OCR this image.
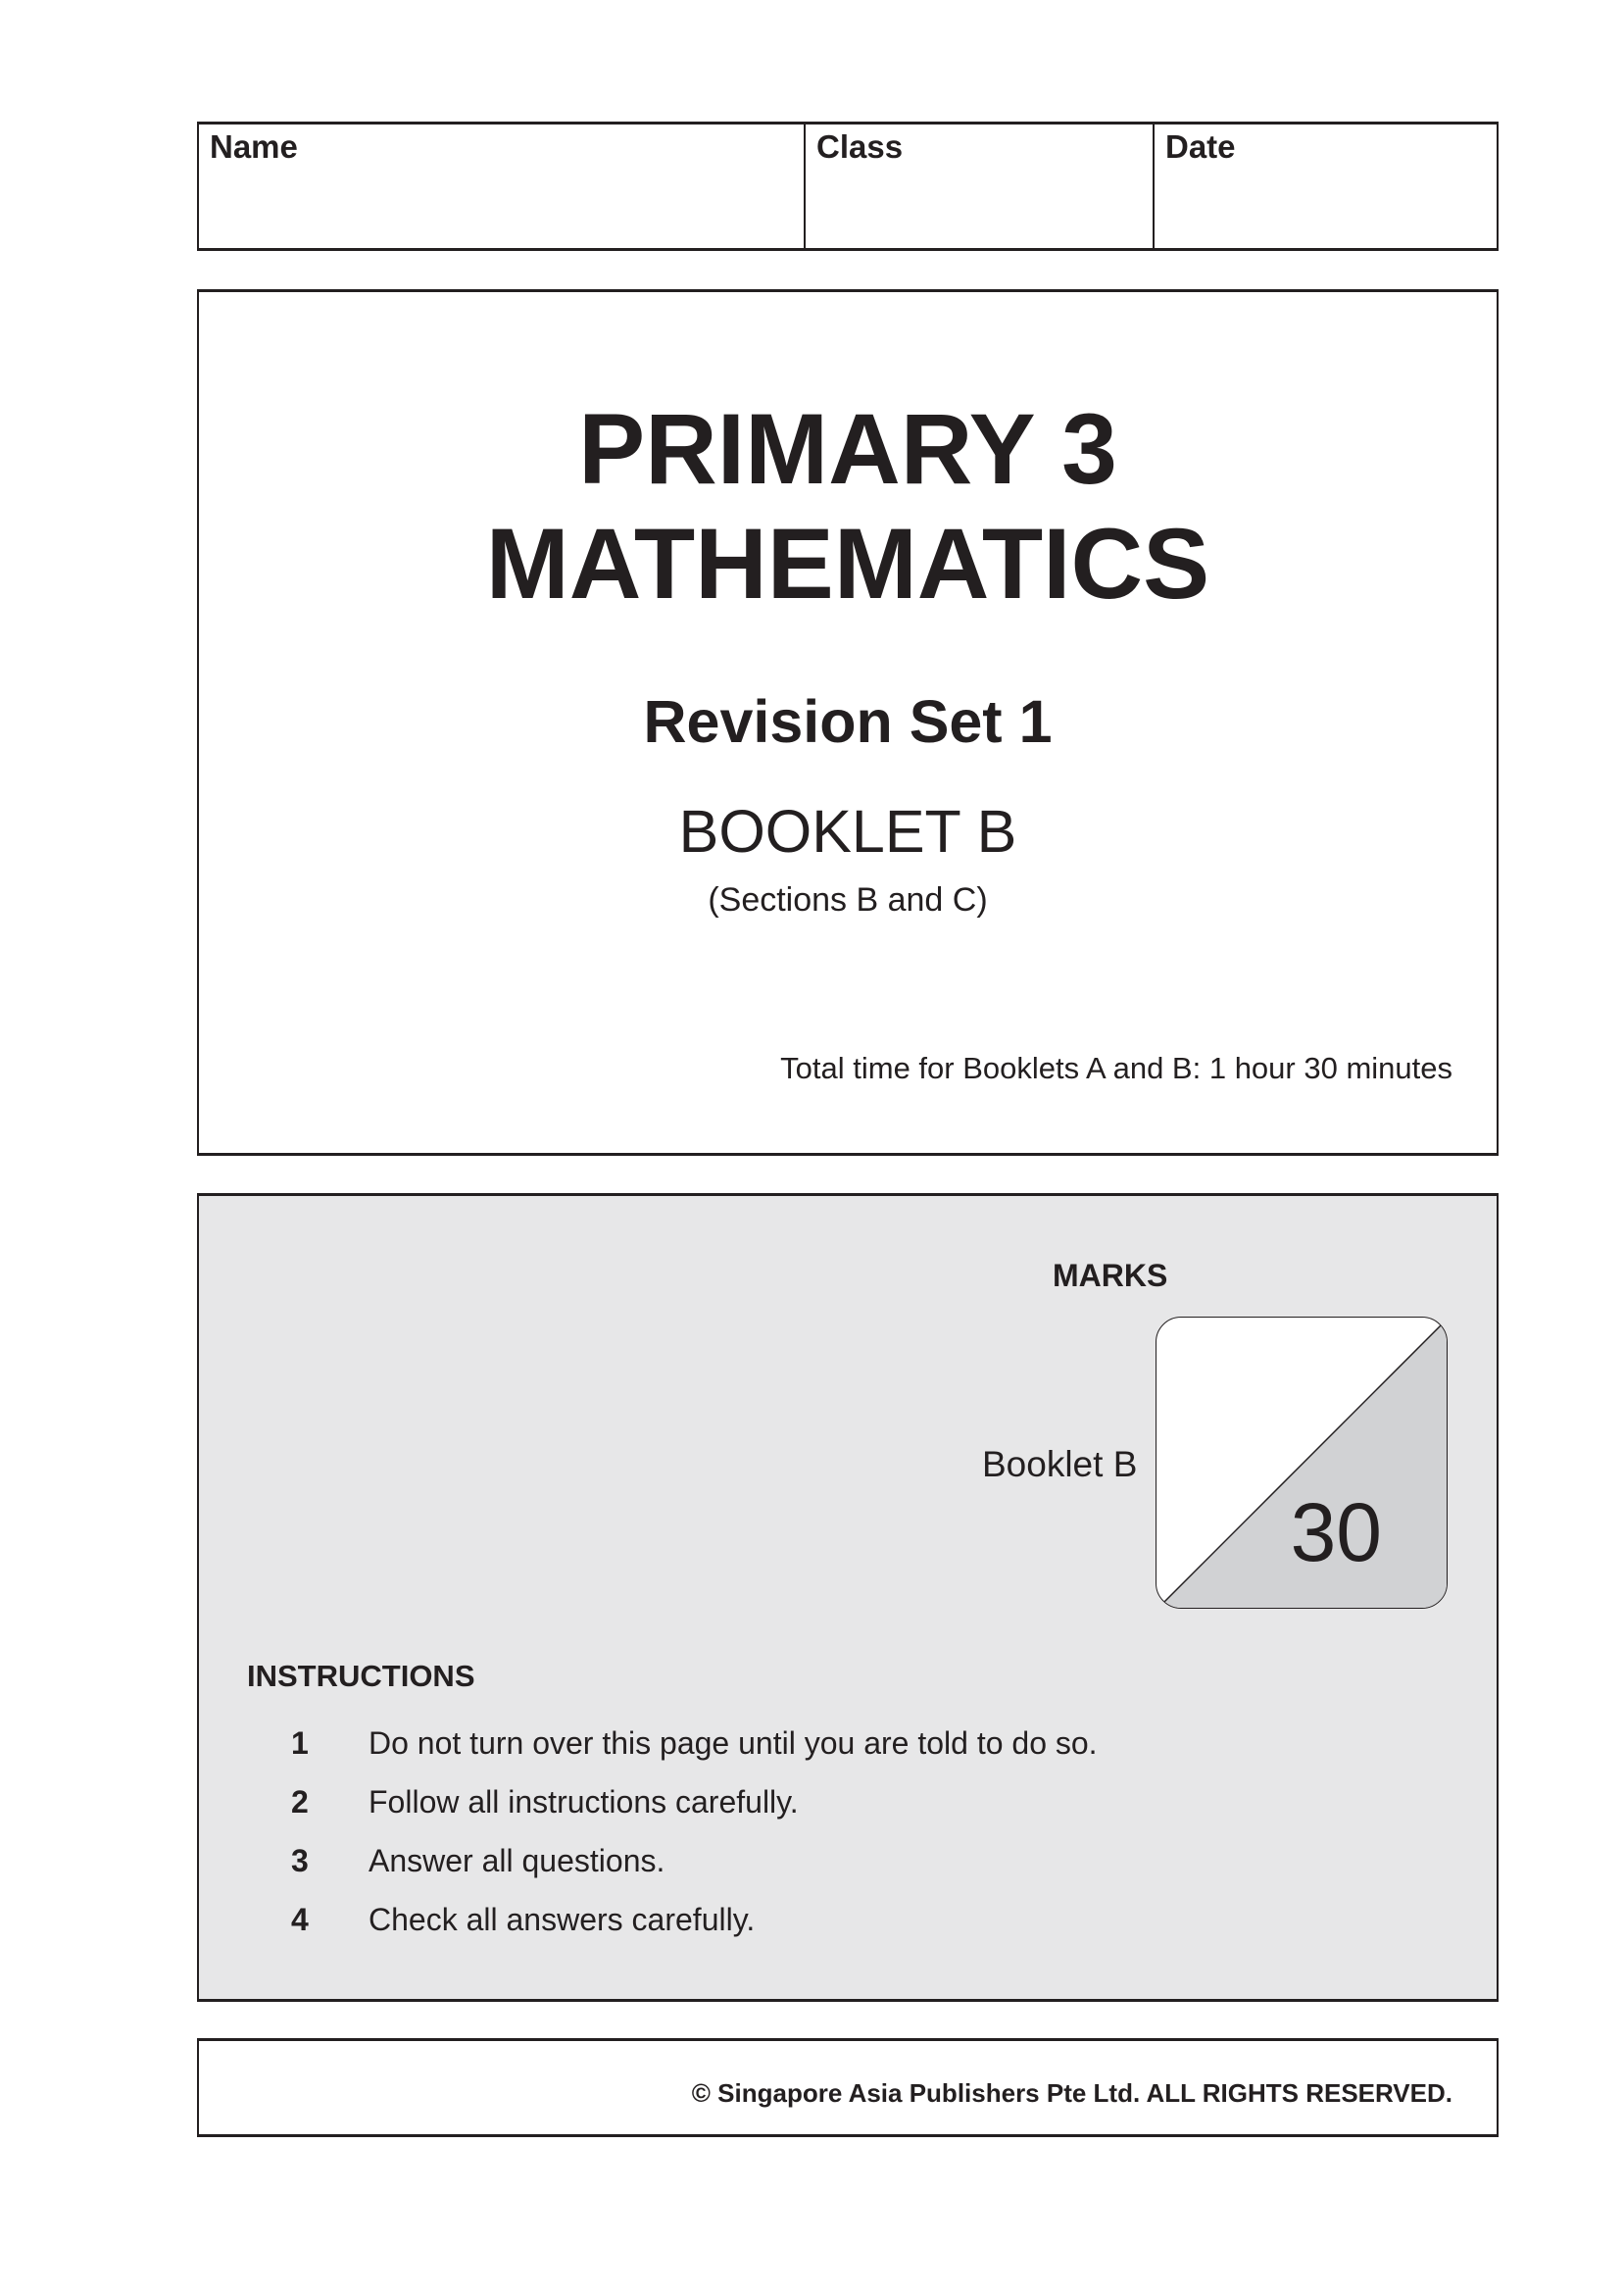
Name	Class	Date
PRIMARY 3
MATHEMATICS
Revision Set 1
BOOKLET B
(Sections B and C)
Total time for Booklets A and B: 1 hour 30 minutes
MARKS
Booklet B
30
INSTRUCTIONS
1 Do not turn over this page until you are told to do so.
2 Follow all instructions carefully.
3 Answer all questions.
4 Check all answers carefully.
© Singapore Asia Publishers Pte Ltd. ALL RIGHTS RESERVED.
